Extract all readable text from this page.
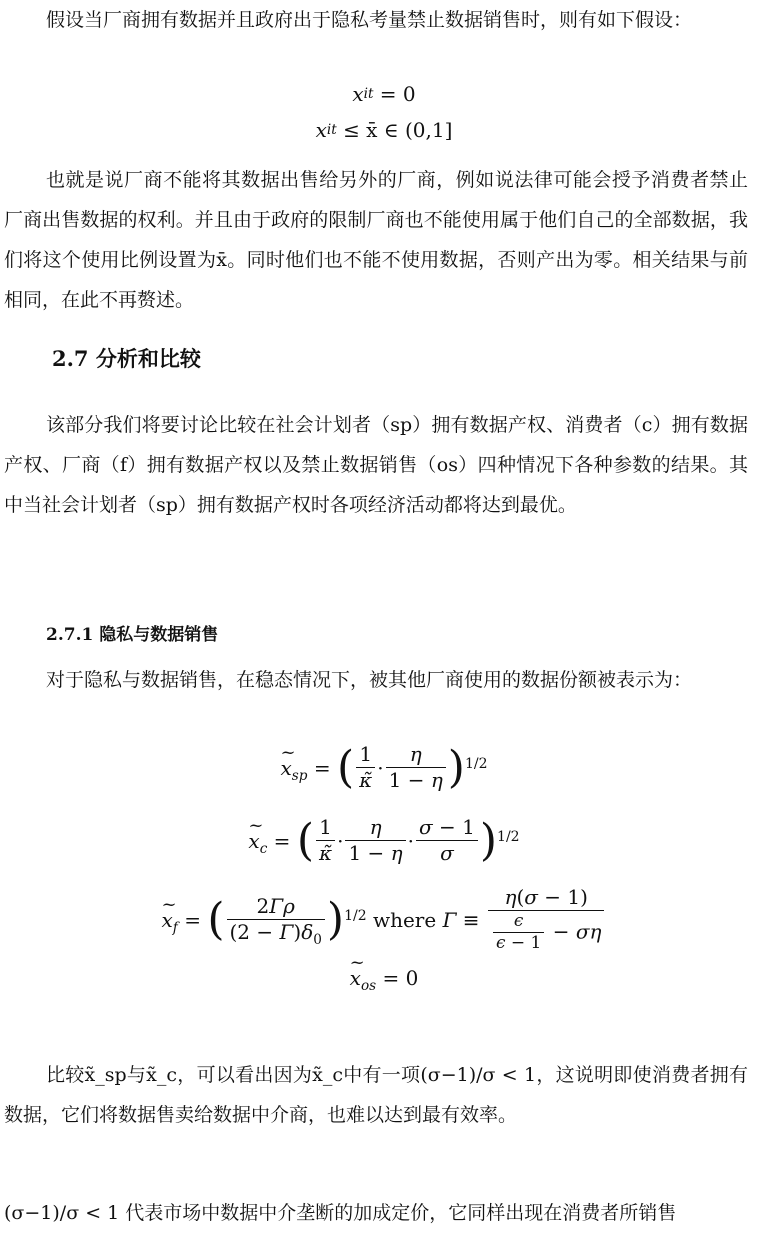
假设当厂商拥有数据并且政府出于隐私考量禁止数据销售时，则有如下假设：

x it
= 0
x it
≤ x̄ ∈ (0,1]

也就是说厂商不能将其数据出售给另外的厂商，例如说法律可能会授予消费者禁止厂商出售数据的权利。并且由于政府的限制厂商也不能使用属于他们自己的全部数据，我们将这个使用比例设置为x̄。同时他们也不能不使用数据，否则产出为零。相关结果与前相同，在此不再赘述。

2.7 分析和比较

该部分我们将要讨论比较在社会计划者（sp）拥有数据产权、消费者（c）拥有数据产权、厂商（f）拥有数据产权以及禁止数据销售（os）四种情况下各种参数的结果。其中当社会计划者（sp）拥有数据产权时各项经济活动都将达到最优。

2.7.1 隐私与数据销售

对于隐私与数据销售，在稳态情况下，被其他厂商使用的数据份额被表示为：

~ $x_{sp}$ = ( $\frac{1}{\kappã} \cdot \frac{\eta}{1 - \eta}$ ) 1/2
~ $x_c$ = ( $\frac{1}{\kappã} \cdot \frac{\eta}{1 - \eta} \cdot \frac{\sigma - 1}{\sigma}$ ) 1/2
~ $x_f$ = ( $\frac{2\Gamma\rho}{(2 - \Gamma)\delta_0}$ ) 1/2
where
$\Gamma \equiv \frac{\eta(\sigma - 1)}{\frac{\epsilon}{\epsilon - 1} - \sigma\eta}$
~ $x_{os}$
= 0

比较x̃_sp与x̃_c，可以看出因为x̃_c中有一项(σ−1)/σ < 1，这说明即使消费者拥有数据，它们将数据售卖给数据中介商，也难以达到最有效率。

(σ−1)/σ < 1 代表市场中数据中介垄断的加成定价，它同样出现在消费者所销售
